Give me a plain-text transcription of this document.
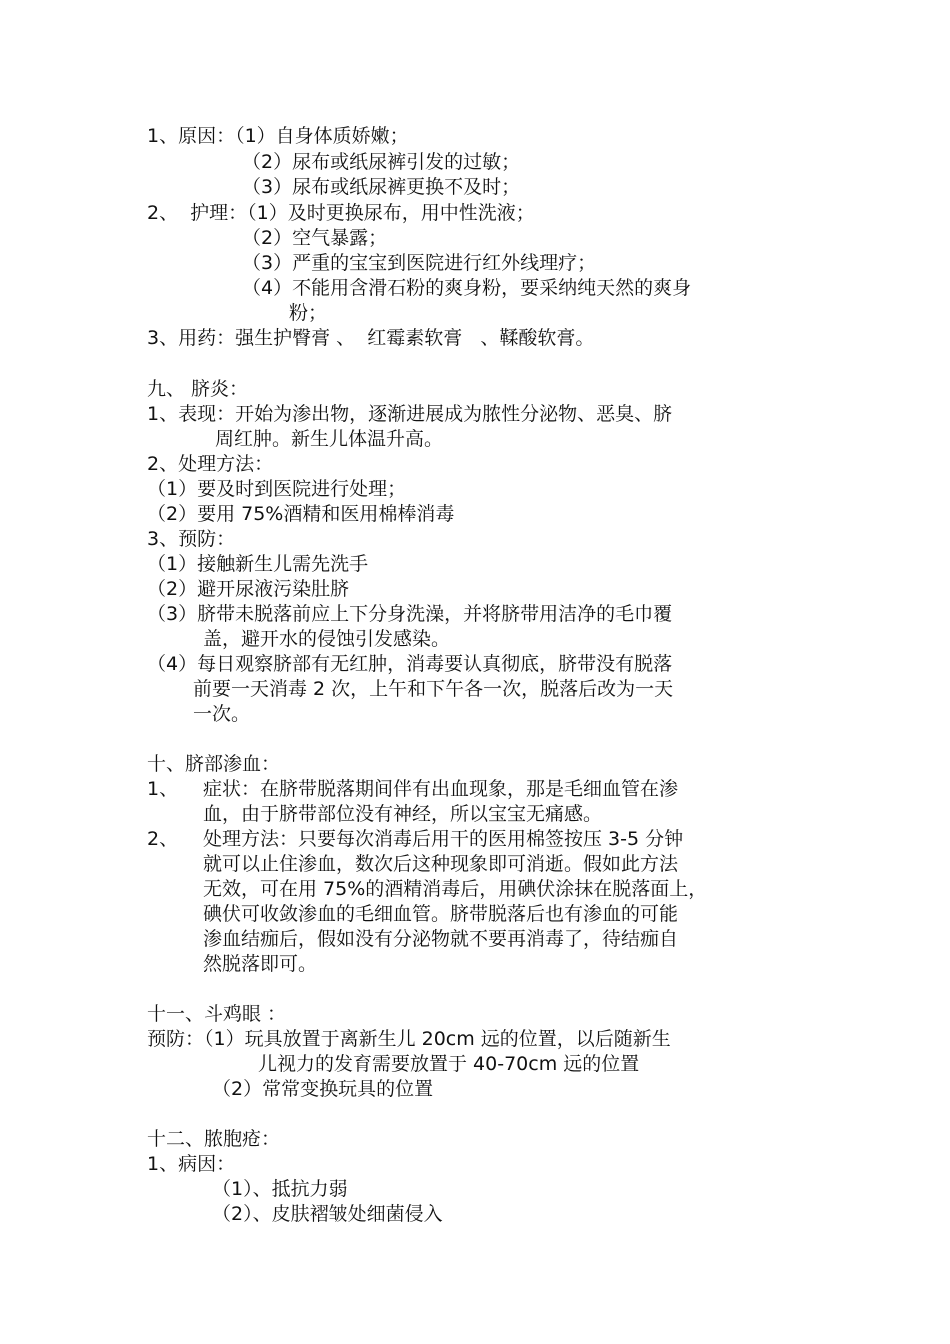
1、原因：（1）自身体质娇嫩；
（2）尿布或纸尿裤引发的过敏；
（3）尿布或纸尿裤更换不及时；
2、  护理：（1）及时更换尿布，用中性洗液；
（2）空气暴露；
（3）严重的宝宝到医院进行红外线理疗；
（4）不能用含滑石粉的爽身粉，要采纳纯天然的爽身
粉；
3、用药：强生护臀膏 、  红霉素软膏   、鞣酸软膏。
九、 脐炎：
1、表现：开始为渗出物，逐渐进展成为脓性分泌物、恶臭、脐
周红肿。新生儿体温升高。
2、处理方法：
（1）要及时到医院进行处理；
（2）要用 75%酒精和医用棉棒消毒
3、预防：
（1）接触新生儿需先洗手
（2）避开尿液污染肚脐
（3）脐带未脱落前应上下分身洗澡，并将脐带用洁净的毛巾覆
盖，避开水的侵蚀引发感染。
（4）每日观察脐部有无红肿，消毒要认真彻底，脐带没有脱落
前要一天消毒 2 次，上午和下午各一次，脱落后改为一天
一次。
十、脐部渗血：
1、 症状：在脐带脱落期间伴有出血现象，那是毛细血管在渗
血，由于脐带部位没有神经，所以宝宝无痛感。
2、 处理方法：只要每次消毒后用干的医用棉签按压 3-5 分钟
就可以止住渗血，数次后这种现象即可消逝。假如此方法
无效，可在用 75%的酒精消毒后，用碘伏涂抹在脱落面上，
碘伏可收敛渗血的毛细血管。脐带脱落后也有渗血的可能
渗血结痂后，假如没有分泌物就不要再消毒了，待结痂自
然脱落即可。
十一、斗鸡眼 ：
预防：（1）玩具放置于离新生儿 20cm 远的位置，以后随新生
儿视力的发育需要放置于 40-70cm 远的位置
（2）常常变换玩具的位置
十二、脓胞疮：
1、病因：
（1）、抵抗力弱
（2）、皮肤褶皱处细菌侵入
